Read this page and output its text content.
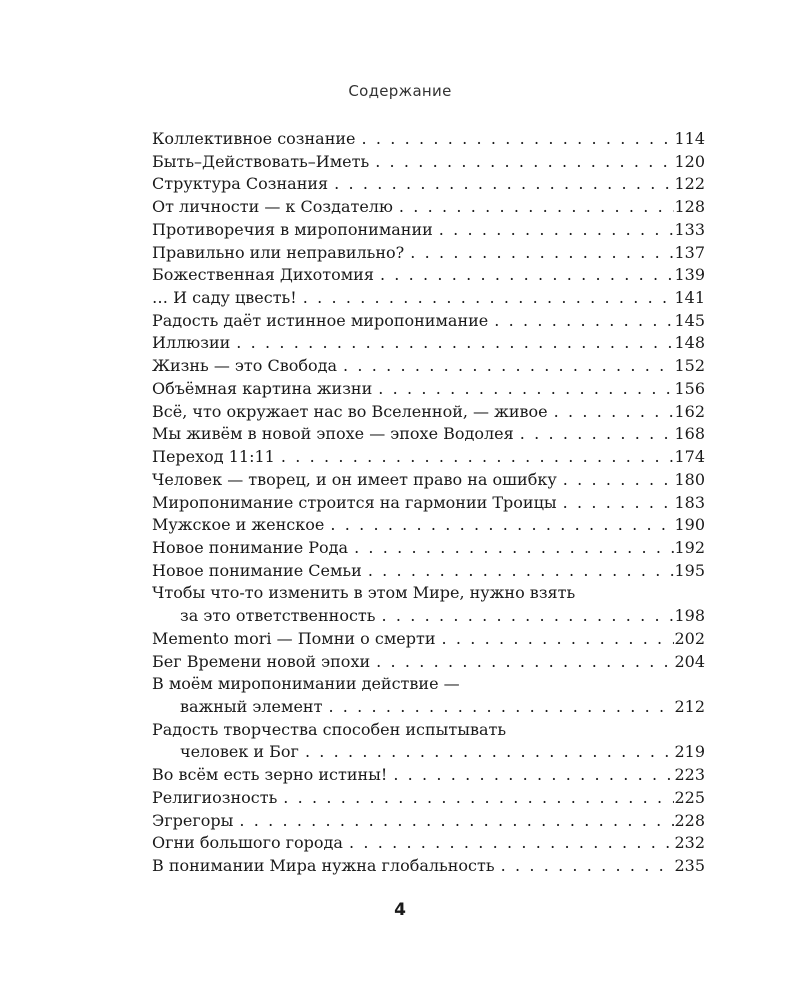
Содержание
Коллективное сознание . . .	114
Быть–Действовать–Иметь . . .	120
Структура Сознания . . .	122
От личности — к Создателю . . .	128
Противоречия в миропонимании . . .	133
Правильно или неправильно? . . .	137
Божественная Дихотомия . . .	139
… И саду цвесть! . . .	141
Радость даёт истинное миропонимание . . .	145
Иллюзии . . .	148
Жизнь — это Свобода . . .	152
Объёмная картина жизни . . .	156
Всё, что окружает нас во Вселенной, — живое . . .	162
Мы живём в новой эпохе — эпохе Водолея . . .	168
Переход 11:11 . . .	174
Человек — творец, и он имеет право на ошибку . . .	180
Миропонимание строится на гармонии Троицы . . .	183
Мужское и женское . . .	190
Новое понимание Рода . . .	192
Новое понимание Семьи . . .	195
Чтобы что-то изменить в этом Мире, нужно взять
за это ответственность . . .	198
Memento mori — Помни о смерти . . .	202
Бег Времени новой эпохи . . .	204
В моём миропонимании действие —
важный элемент . . .	212
Радость творчества способен испытывать
человек и Бог . . .	219
Во всём есть зерно истины! . . .	223
Религиозность . . .	225
Эгрегоры . . .	228
Огни большого города . . .	232
В понимании Мира нужна глобальность . . .	235
4
